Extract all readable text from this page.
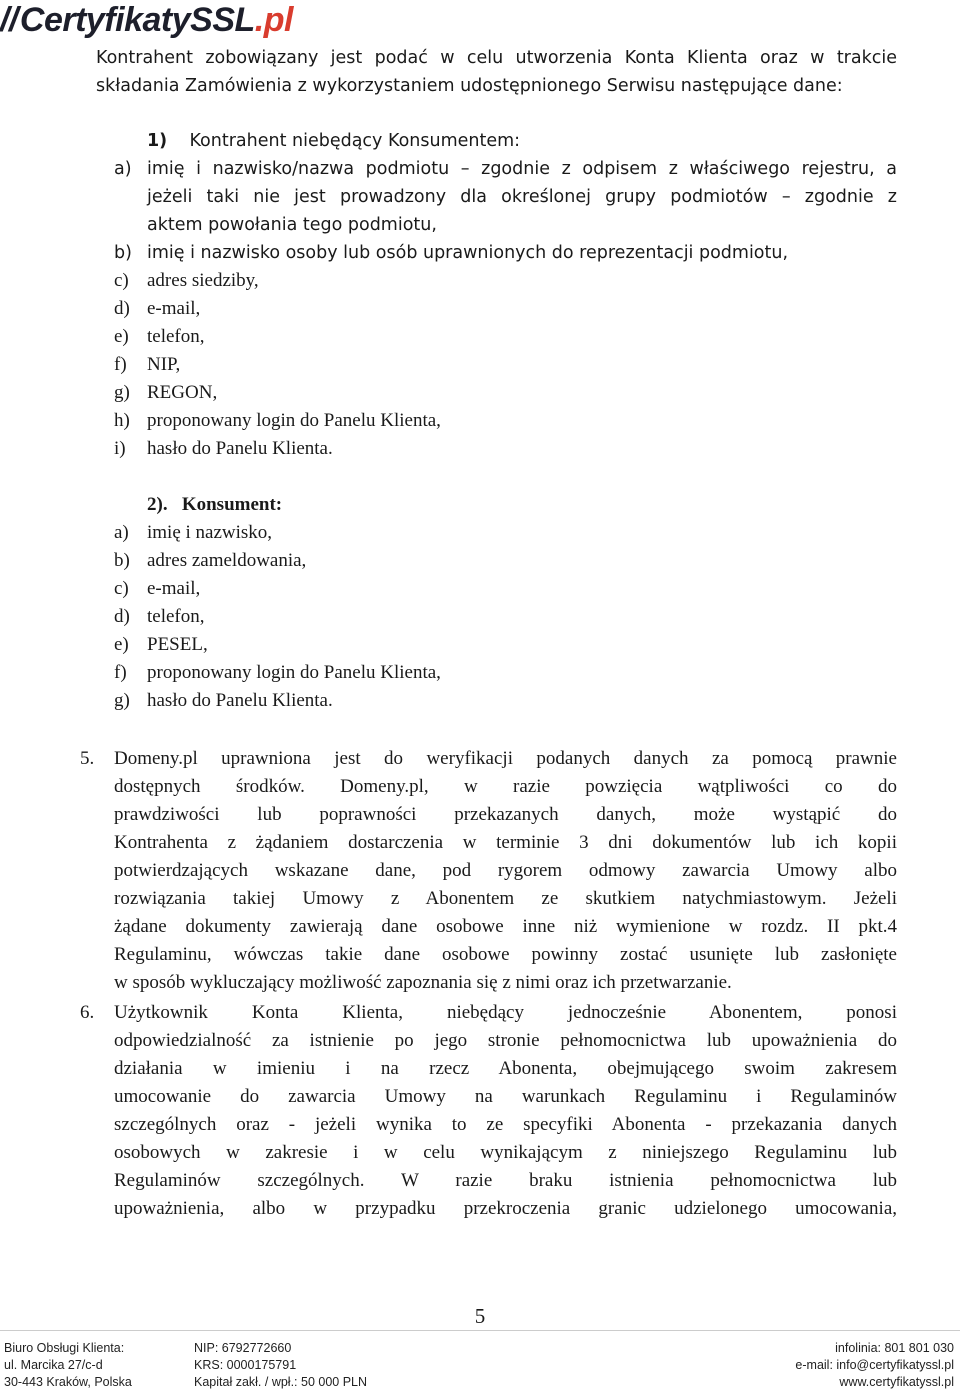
// CertyfikatySSL .pl
Kontrahent zobowiązany jest podać w celu utworzenia Konta Klienta oraz w trakcie
składania Zamówienia z wykorzystaniem udostępnionego Serwisu następujące dane:
1) Kontrahent niebędący Konsumentem:
a) imię i nazwisko/nazwa podmiotu – zgodnie z odpisem z właściwego rejestru, a
jeżeli taki nie jest prowadzony dla określonej grupy podmiotów – zgodnie z
aktem powołania tego podmiotu,
b) imię i nazwisko osoby lub osób uprawnionych do reprezentacji podmiotu,
c) adres siedziby,
d) e-mail,
e) telefon,
f) NIP,
g) REGON,
h) proponowany login do Panelu Klienta,
i) hasło do Panelu Klienta.
2). Konsument:
a) imię i nazwisko,
b) adres zameldowania,
c) e-mail,
d) telefon,
e) PESEL,
f) proponowany login do Panelu Klienta,
g) hasło do Panelu Klienta.
5. Domeny.pl uprawniona jest do weryfikacji podanych danych za pomocą prawnie
dostępnych środków. Domeny.pl, w razie powzięcia wątpliwości co do
prawdziwości lub poprawności przekazanych danych, może wystąpić do
Kontrahenta z żądaniem dostarczenia w terminie 3 dni dokumentów lub ich kopii
potwierdzających wskazane dane, pod rygorem odmowy zawarcia Umowy albo
rozwiązania takiej Umowy z Abonentem ze skutkiem natychmiastowym. Jeżeli
żądane dokumenty zawierają dane osobowe inne niż wymienione w rozdz. II pkt.4
Regulaminu, wówczas takie dane osobowe powinny zostać usunięte lub zasłonięte
w sposób wykluczający możliwość zapoznania się z nimi oraz ich przetwarzanie.
6. Użytkownik Konta Klienta, niebędący jednocześnie Abonentem, ponosi
odpowiedzialność za istnienie po jego stronie pełnomocnictwa lub upoważnienia do
działania w imieniu i na rzecz Abonenta, obejmującego swoim zakresem
umocowanie do zawarcia Umowy na warunkach Regulaminu i Regulaminów
szczególnych oraz - jeżeli wynika to ze specyfiki Abonenta - przekazania danych
osobowych w zakresie i w celu wynikającym z niniejszego Regulaminu lub
Regulaminów szczególnych. W razie braku istnienia pełnomocnictwa lub
upoważnienia, albo w przypadku przekroczenia granic udzielonego umocowania,
5
Biuro Obsługi Klienta:
ul. Marcika 27/c-d
30-443 Kraków, Polska
NIP: 6792772660
KRS: 0000175791
Kapitał zakł. / wpł.: 50 000 PLN
infolinia: 801 801 030
e-mail: info@certyfikatyssl.pl
www.certyfikatyssl.pl
